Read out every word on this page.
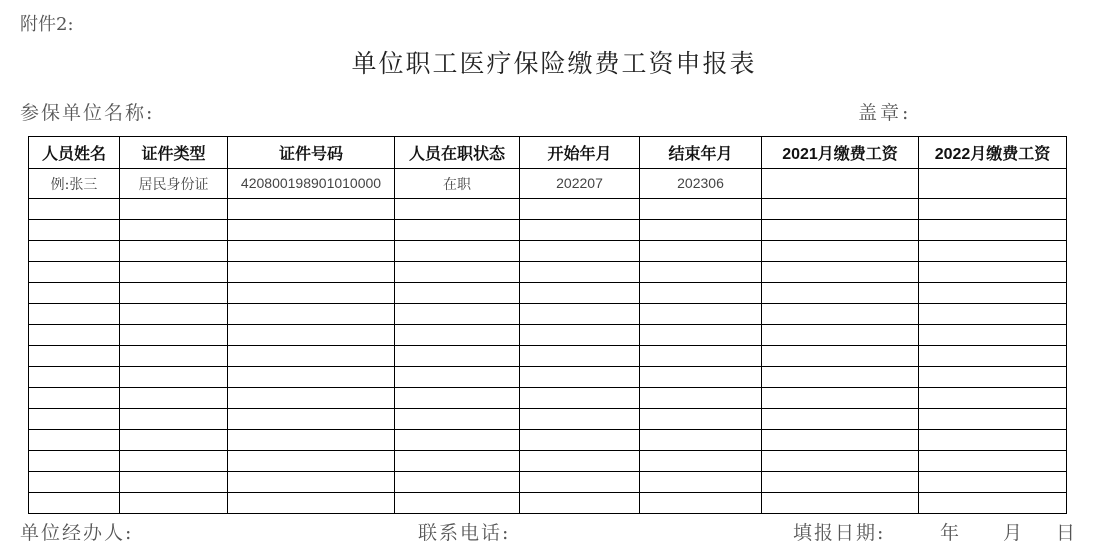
附件2:
单位职工医疗保险缴费工资申报表
参保单位名称:	盖章:
人员姓名	证件类型	证件号码	人员在职状态	开始年月	结束年月	2021月缴费工资	2022月缴费工资
例:张三	居民身份证	420800198901010000	在职	202207	202306		

单位经办人:	联系电话:	填报日期:	年 月 日
